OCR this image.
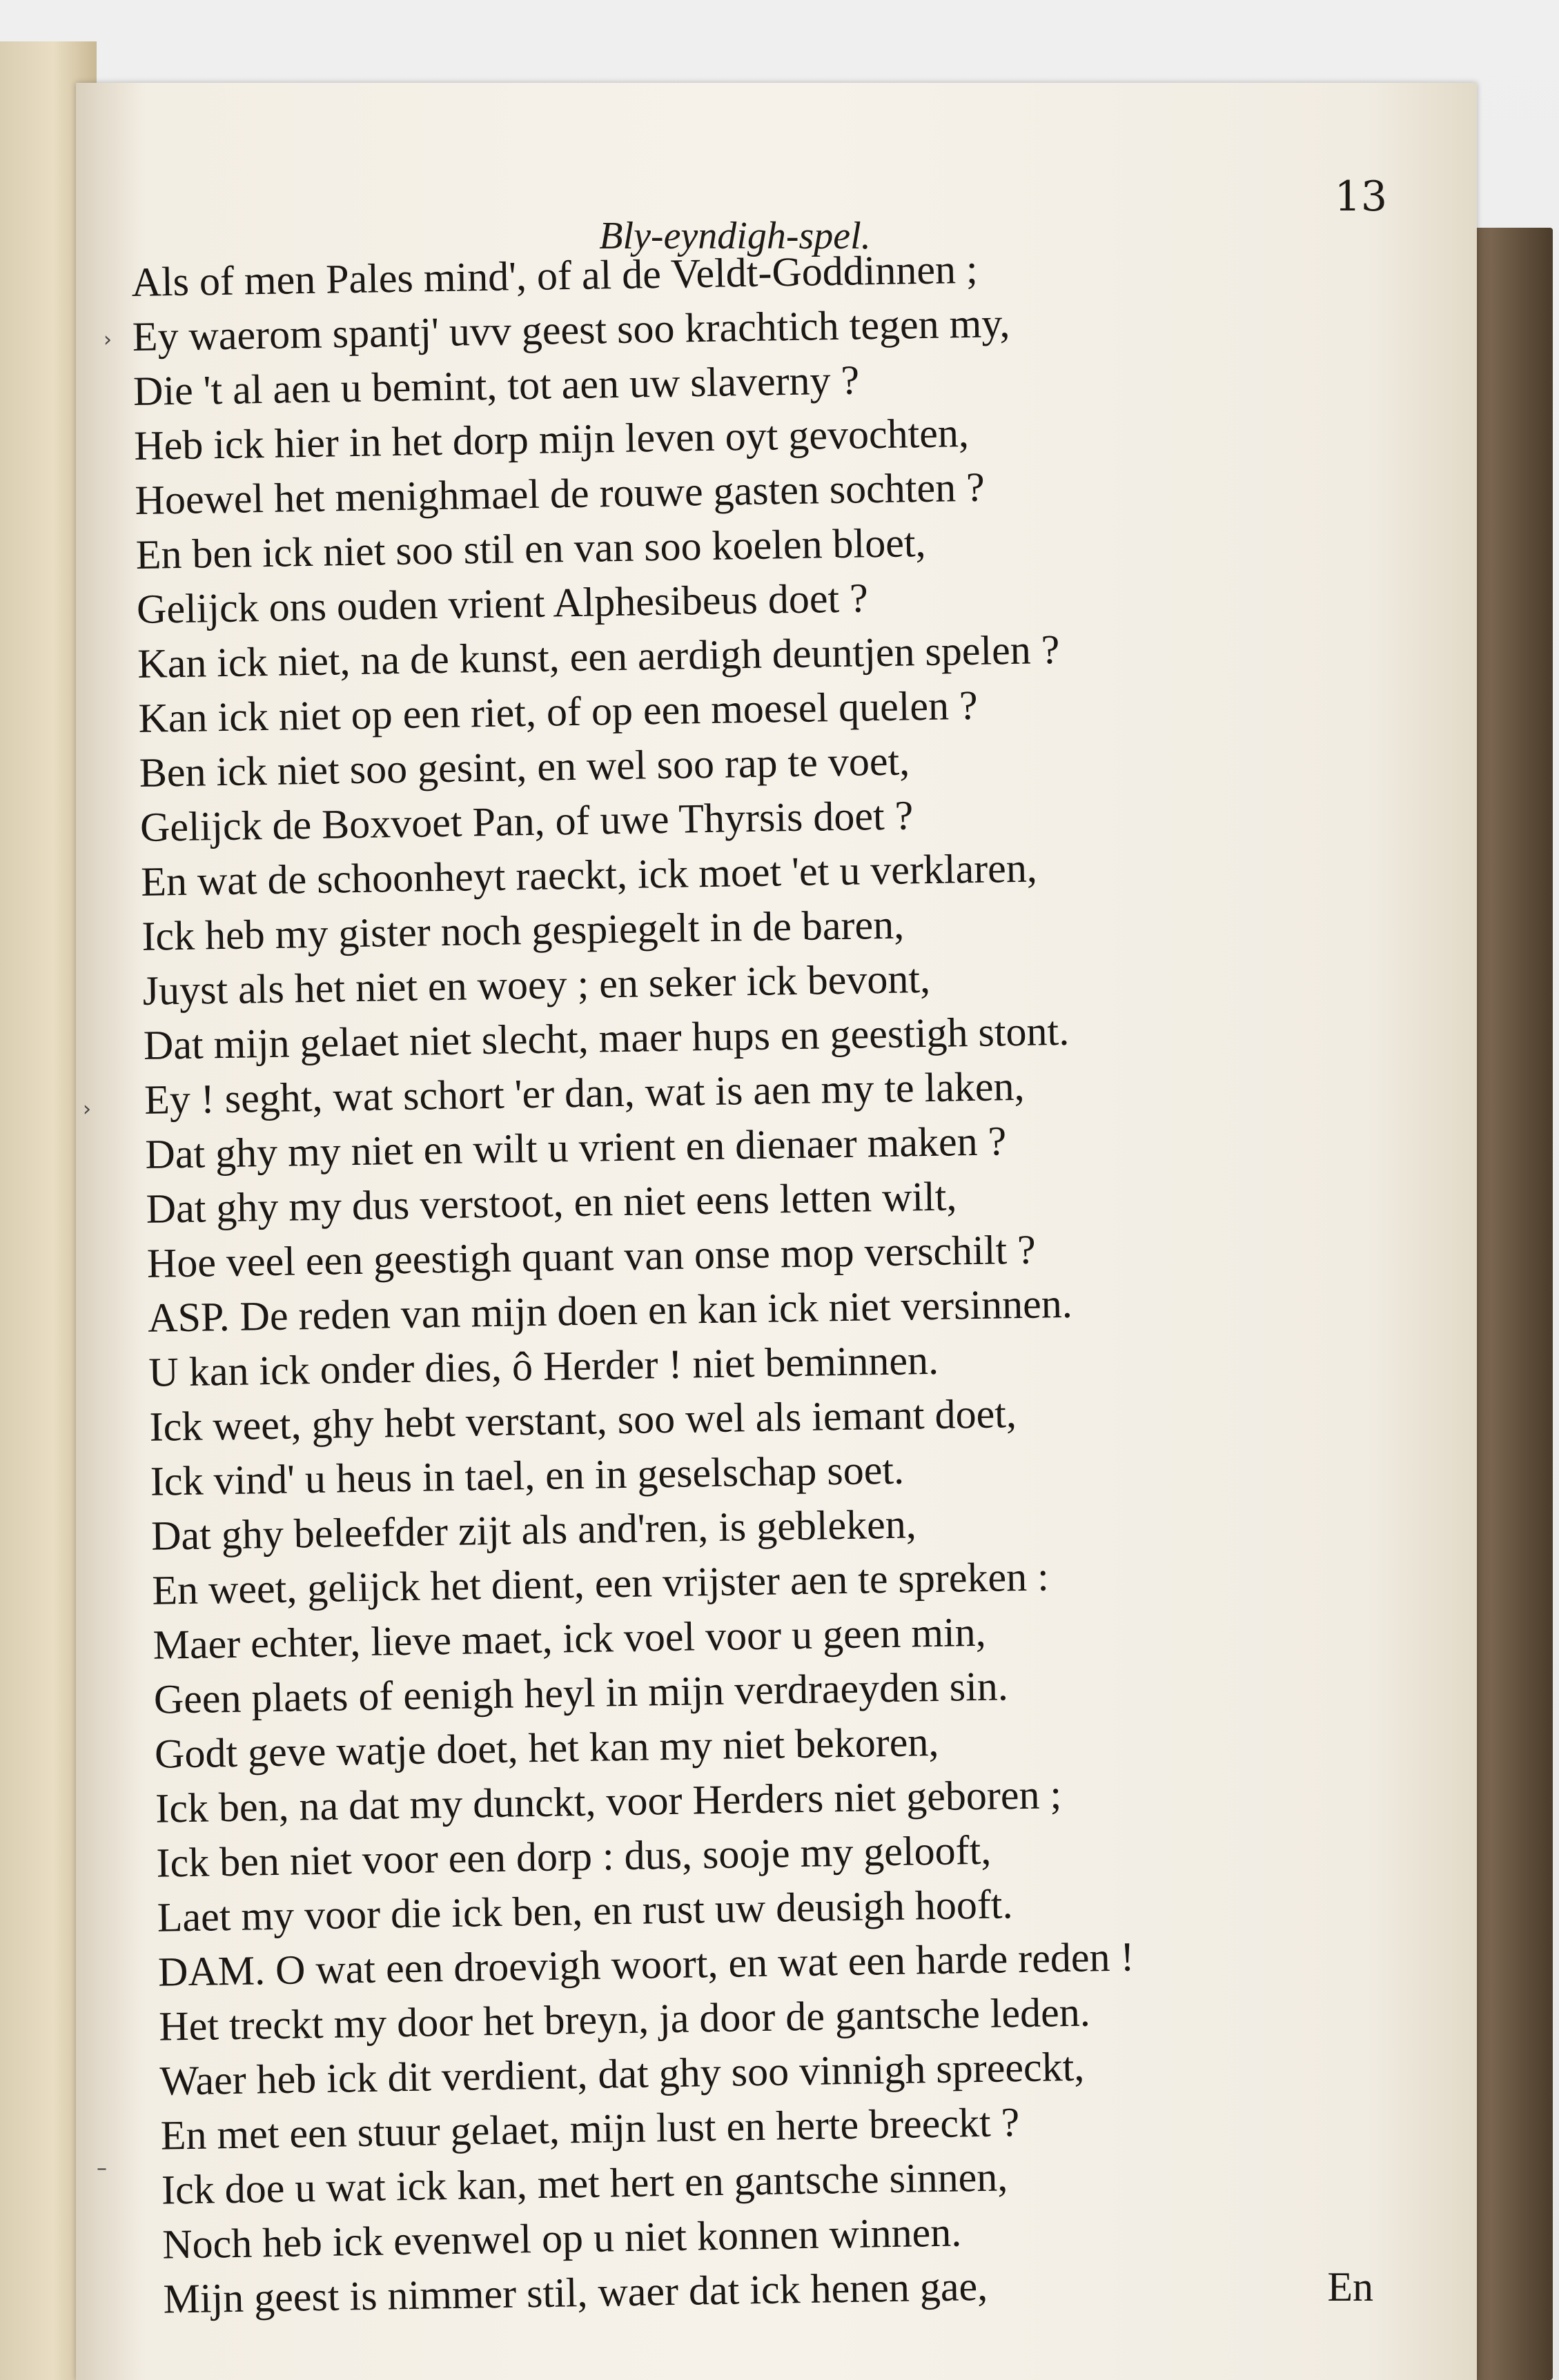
13
Bly-eyndigh-spel.
›
›
–
Als of men Pales mind', of al de Veldt-Goddinnen ;
Ey waerom spantj' uvv geest soo krachtich tegen my,
Die 't al aen u bemint, tot aen uw slaverny ?
Heb ick hier in het dorp mijn leven oyt gevochten,
Hoewel het menighmael de rouwe gasten sochten ?
En ben ick niet soo stil en van soo koelen bloet,
Gelijck ons ouden vrient Alphesibeus doet ?
Kan ick niet, na de kunst, een aerdigh deuntjen spelen ?
Kan ick niet op een riet, of op een moesel quelen ?
Ben ick niet soo gesint, en wel soo rap te voet,
Gelijck de Boxvoet Pan, of uwe Thyrsis doet ?
En wat de schoonheyt raeckt, ick moet 'et u verklaren,
Ick heb my gister noch gespiegelt in de baren,
Juyst als het niet en woey ; en seker ick bevont,
Dat mijn gelaet niet slecht, maer hups en geestigh stont.
Ey ! seght, wat schort 'er dan, wat is aen my te laken,
Dat ghy my niet en wilt u vrient en dienaer maken ?
Dat ghy my dus verstoot, en niet eens letten wilt,
Hoe veel een geestigh quant van onse mop verschilt ?
ASP. De reden van mijn doen en kan ick niet versinnen.
U kan ick onder dies, ô Herder ! niet beminnen.
Ick weet, ghy hebt verstant, soo wel als iemant doet,
Ick vind' u heus in tael, en in geselschap soet.
Dat ghy beleefder zijt als and'ren, is gebleken,
En weet, gelijck het dient, een vrijster aen te spreken :
Maer echter, lieve maet, ick voel voor u geen min,
Geen plaets of eenigh heyl in mijn verdraeyden sin.
Godt geve watje doet, het kan my niet bekoren,
Ick ben, na dat my dunckt, voor Herders niet geboren ;
Ick ben niet voor een dorp : dus, sooje my gelooft,
Laet my voor die ick ben, en rust uw deusigh hooft.
DAM. O wat een droevigh woort, en wat een harde reden !
Het treckt my door het breyn, ja door de gantsche leden.
Waer heb ick dit verdient, dat ghy soo vinnigh spreeckt,
En met een stuur gelaet, mijn lust en herte breeckt ?
Ick doe u wat ick kan, met hert en gantsche sinnen,
Noch heb ick evenwel op u niet konnen winnen.
Mijn geest is nimmer stil, waer dat ick henen gae,	En
